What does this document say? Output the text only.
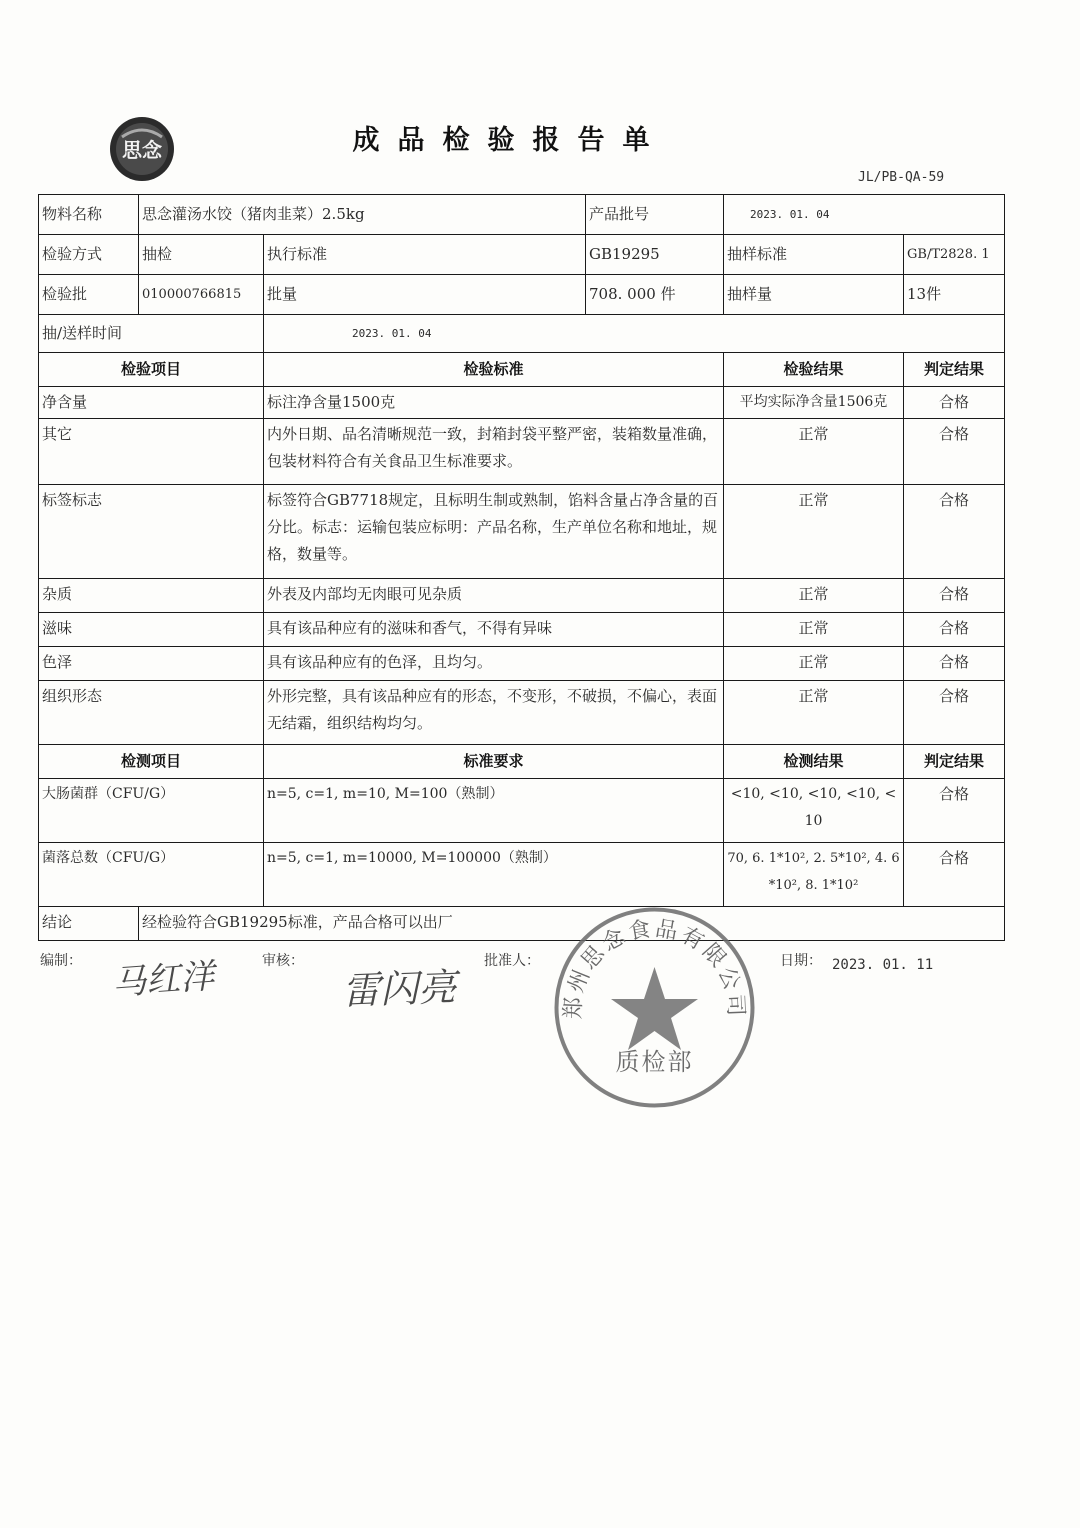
思念	成品检验报告单
JL/PB-QA-59
物料名称	思念灌汤水饺（猪肉韭菜）2.5kg		产品批号	2023. 01. 04	
检验方式	抽检	执行标准	GB19295	抽样标准	GB/T2828. 1
检验批	010000766815	批量	708. 000 件	抽样量	13件
抽/送样时间		2023. 01. 04			
检验项目		检验标准		检验结果	判定结果
净含量		标注净含量1500克		平均实际净含量1506克	合格
其它		内外日期、品名清晰规范一致，封箱封袋平整严密，装箱数量准确，包装材料符合有关食品卫生标准要求。		正常	合格
标签标志		标签符合GB7718规定，且标明生制或熟制，馅料含量占净含量的百分比。标志：运输包装应标明：产品名称，生产单位名称和地址，规格，数量等。		正常	合格
杂质		外表及内部均无肉眼可见杂质		正常	合格
滋味		具有该品种应有的滋味和香气，不得有异味		正常	合格
色泽		具有该品种应有的色泽，且均匀。		正常	合格
组织形态		外形完整，具有该品种应有的形态，不变形，不破损，不偏心，表面无结霜，组织结构均匀。		正常	合格
检测项目		标准要求		检测结果	判定结果
大肠菌群（CFU/G）		n=5, c=1, m=10, M=100（熟制）		<10, <10, <10, <10, <10	合格
菌落总数（CFU/G）		n=5, c=1, m=10000, M=100000（熟制）		70, 6. 1*10², 2. 5*10², 4. 6*10², 8. 1*10²	合格
结论	经检验符合GB19295标准，产品合格可以出厂				
编制： 马红洋	审核：
雷闪亮
批准人：	日期： 2023. 01. 11
郑州思念食品有限公司
质检部
